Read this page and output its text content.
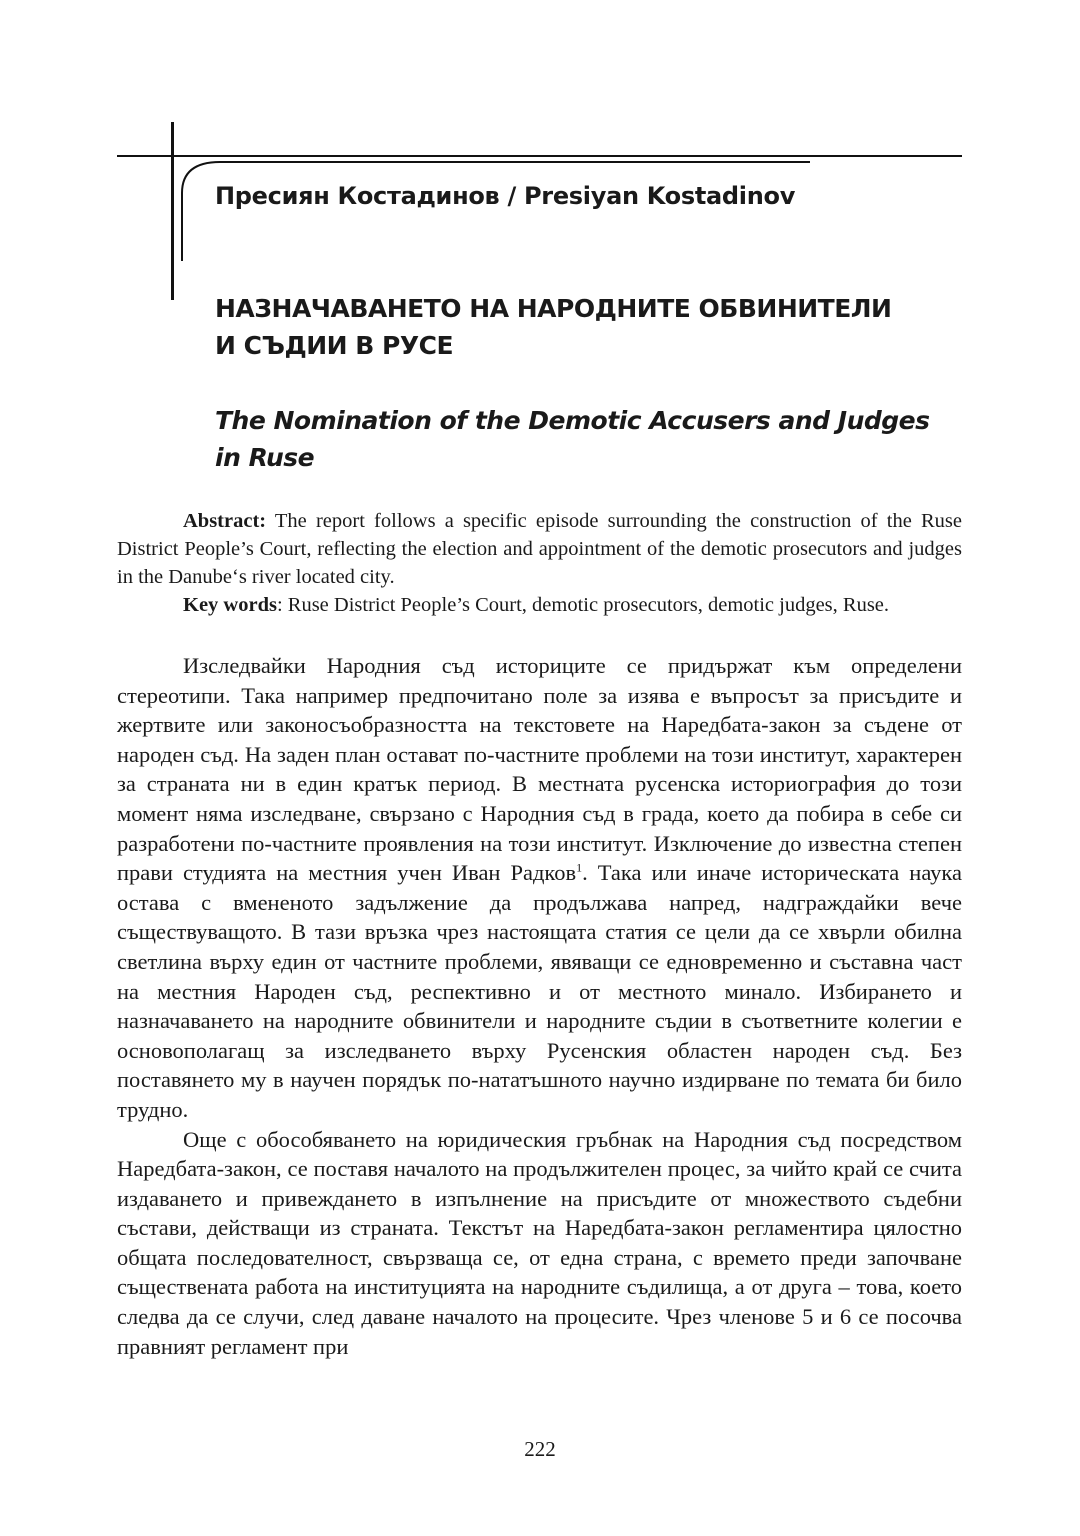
Пресиян Костадинов / Presiyan Kostadinov
НАЗНАЧАВАНЕТО НА НАРОДНИТЕ ОБВИНИТЕЛИ
И СЪДИИ В РУСЕ
The Nomination of the Demotic Accusers and Judges
in Ruse

Abstract: The report follows a specific episode surrounding the construction of the Ruse District People’s Court, reflecting the election and appointment of the demotic prosecutors and judges in the Danube‘s river located city.

Key words: Ruse District People’s Court, demotic prosecutors, demotic judges, Ruse.

Изследвайки Народния съд историците се придържат към определени стереотипи. Така например предпочитано поле за изява е въпросът за присъдите и жертвите или законосъобразността на текстовете на Наредбата-закон за съдене от народен съд. На заден план остават по-частните проблеми на този институт, характерен за страната ни в един кратък период. В местната русенска историография до този момент няма изследване, свързано с Народния съд в града, което да побира в себе си разработени по-частните проявления на този институт. Изключение до известна степен прави студията на местния учен Иван Радков$^1$. Така или иначе историческата наука остава с вмененото задължение да продължава напред, надграждайки вече съществуващото. В тази връзка чрез настоящата статия се цели да се хвърли обилна светлина върху един от частните проблеми, явяващи се едновременно и съставна част на местния Народен съд, респективно и от местното минало. Избирането и назначаването на народните обвинители и народните съдии в съответните колегии е основополагащ за изследването върху Русенския областен народен съд. Без поставянето му в научен порядък по-нататъшното научно издирване по темата би било трудно.

Още с обособяването на юридическия гръбнак на Народния съд посредством Наредбата-закон, се поставя началото на продължителен процес, за чийто край се счита издаването и привеждането в изпълнение на присъдите от множеството съдебни състави, действащи из страната. Текстът на Наредбата-закон регламентира цялостно общата последователност, свързваща се, от една страна, с времето преди започване съществената работа на институцията на народните съдилища, а от друга – това, което следва да се случи, след даване началото на процесите. Чрез членове 5 и 6 се посочва правният регламент при

222
